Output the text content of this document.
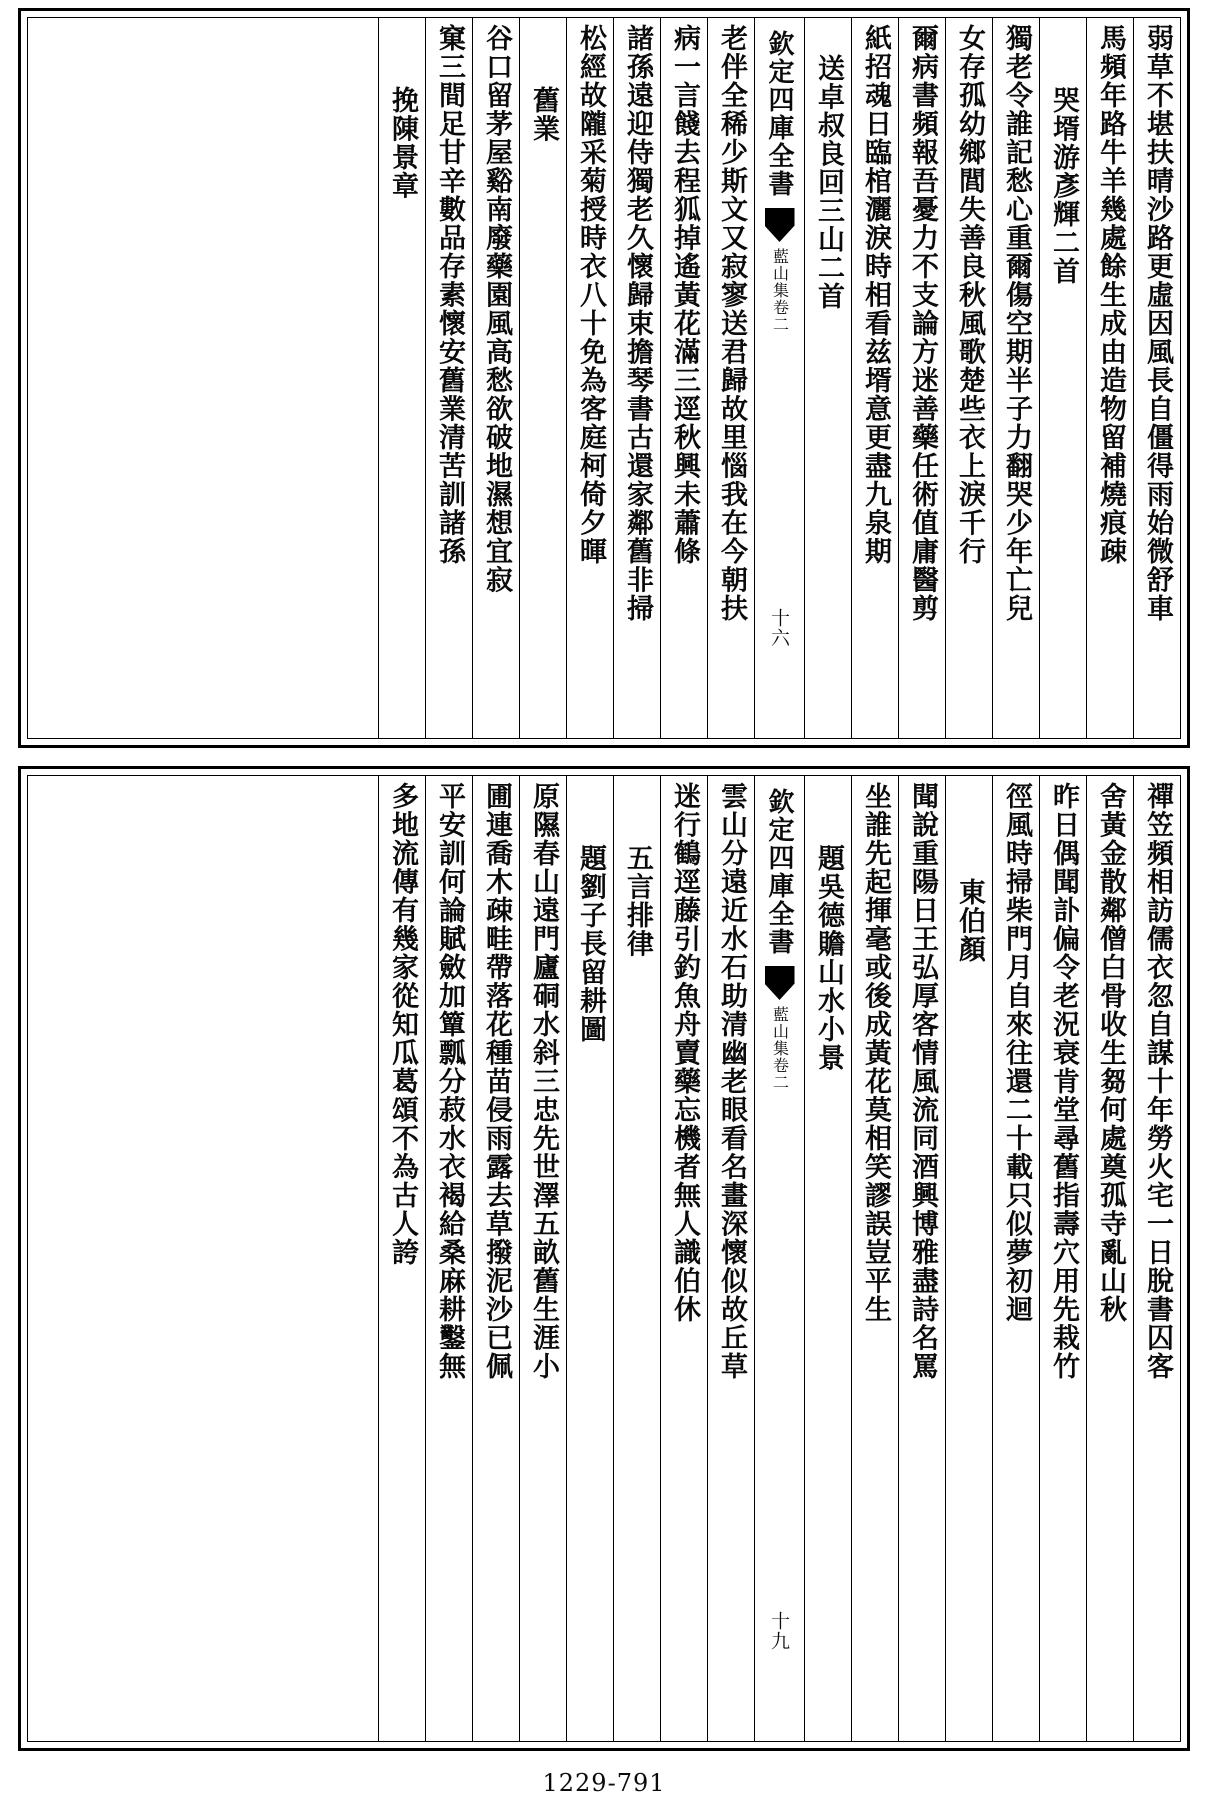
弱草不堪扶晴沙路更虛因風長自僵得雨始微舒車
馬頻年路牛羊幾處餘生成由造物留補燒痕疎
哭壻游彥輝二首
獨老令誰記愁心重爾傷空期半子力翻哭少年亡兒
女存孤幼鄉閭失善良秋風歌楚些衣上淚千行
爾病書頻報吾憂力不支論方迷善藥任術值庸醫剪
紙招魂日臨棺灑淚時相看兹壻意更盡九泉期
送卓叔良回三山二首
欽定四庫全書
藍山集
卷二
十六
老伴全稀少斯文又寂寥送君歸故里惱我在今朝扶
病一言餞去程狐掉遙黃花滿三逕秋興未蕭條
諸孫遠迎侍獨老久懷歸束擔琴書古還家鄰舊非掃
松經故隴采菊授時衣八十免為客庭柯倚夕暉
舊業
谷口留茅屋谿南廢藥園風高愁欲破地濕想宜寂
窠三間足甘辛數品存素懷安舊業清苦訓諸孫
挽陳景章
禪笠頻相訪儒衣忽自謀十年勞火宅一日脫書囚客
舍黃金散鄰僧白骨收生芻何處奠孤寺亂山秋
昨日偶聞訃偏令老況衰肯堂尋舊指壽穴用先栽竹
徑風時掃柴門月自來往還二十載只似夢初迴
東伯顏
聞說重陽日王弘厚客情風流同酒興博雅盡詩名罵
坐誰先起揮毫或後成黃花莫相笑謬誤豈平生
題吳德贍山水小景
欽定四庫全書
藍山集
卷二
十九
雲山分遠近水石助清幽老眼看名畫深懷似故丘草
迷行鶴逕藤引釣魚舟賣藥忘機者無人識伯休
五言排律
題劉子長留耕圖
原隰春山遠門廬硐水斜三忠先世澤五畝舊生涯小
圃連喬木疎畦帶落花種苗侵雨露去草撥泥沙已佩
平安訓何論賦斂加簞瓢分菽水衣褐給桑麻耕鑿無
多地流傳有幾家從知瓜葛頌不為古人誇
1229-791
